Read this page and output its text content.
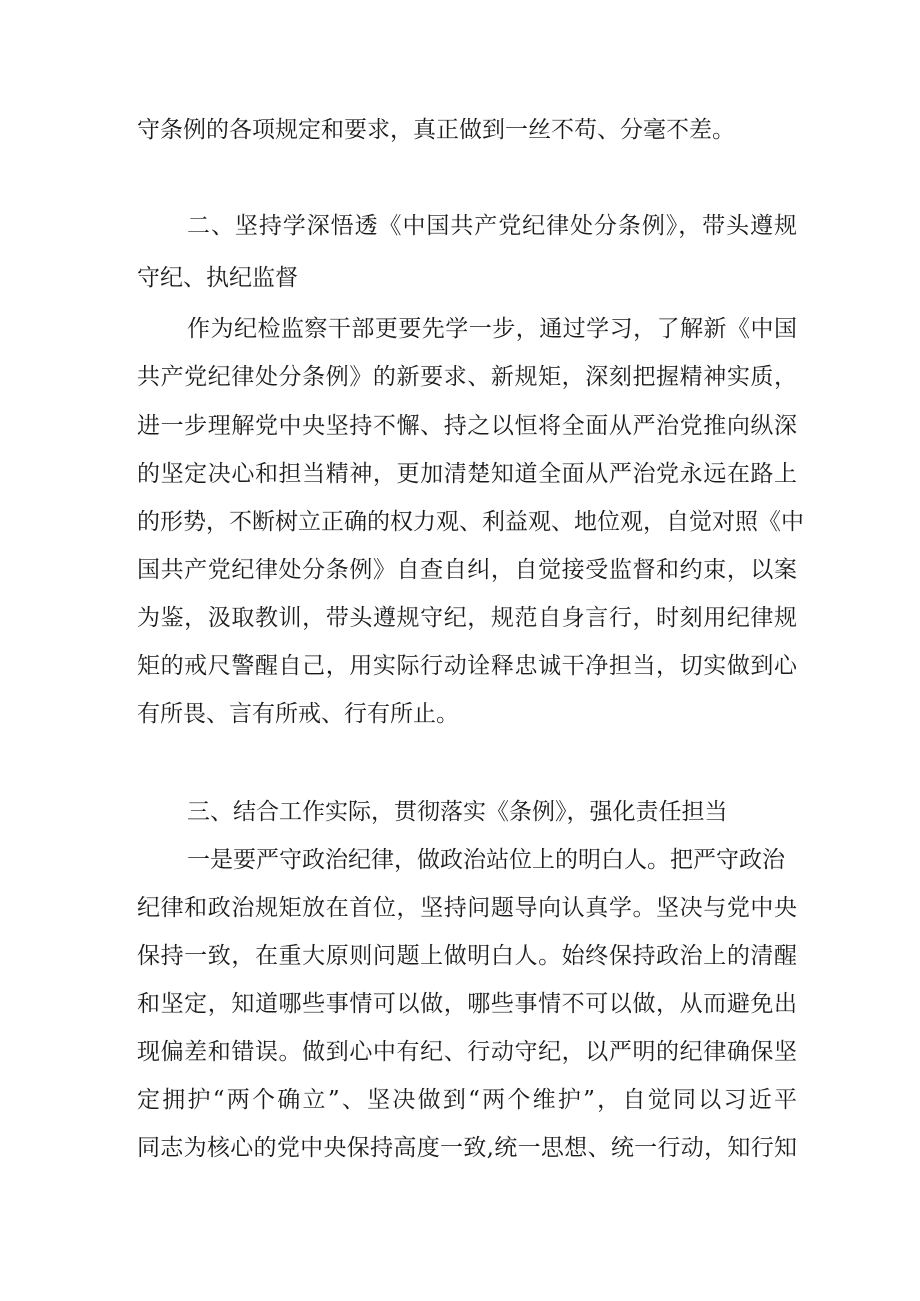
守条例的各项规定和要求，真正做到一丝不苟、分毫不差。
二、坚持学深悟透《中国共产党纪律处分条例》，带头遵规
守纪、执纪监督
作为纪检监察干部更要先学一步，通过学习，了解新《中国
共产党纪律处分条例》的新要求、新规矩，深刻把握精神实质，
进一步理解党中央坚持不懈、持之以恒将全面从严治党推向纵深
的坚定决心和担当精神，更加清楚知道全面从严治党永远在路上
的形势，不断树立正确的权力观、利益观、地位观，自觉对照《中
国共产党纪律处分条例》自查自纠，自觉接受监督和约束，以案
为鉴，汲取教训，带头遵规守纪，规范自身言行，时刻用纪律规
矩的戒尺警醒自己，用实际行动诠释忠诚干净担当，切实做到心
有所畏、言有所戒、行有所止。
三、结合工作实际，贯彻落实《条例》，强化责任担当
一是要严守政治纪律，做政治站位上的明白人。把严守政治
纪律和政治规矩放在首位，坚持问题导向认真学。坚决与党中央
保持一致，在重大原则问题上做明白人。始终保持政治上的清醒
和坚定，知道哪些事情可以做，哪些事情不可以做，从而避免出
现偏差和错误。做到心中有纪、行动守纪，以严明的纪律确保坚
定拥护“两个确立”、坚决做到“两个维护”，自觉同以习近平
同志为核心的党中央保持高度一致,统一思想、统一行动，知行知
